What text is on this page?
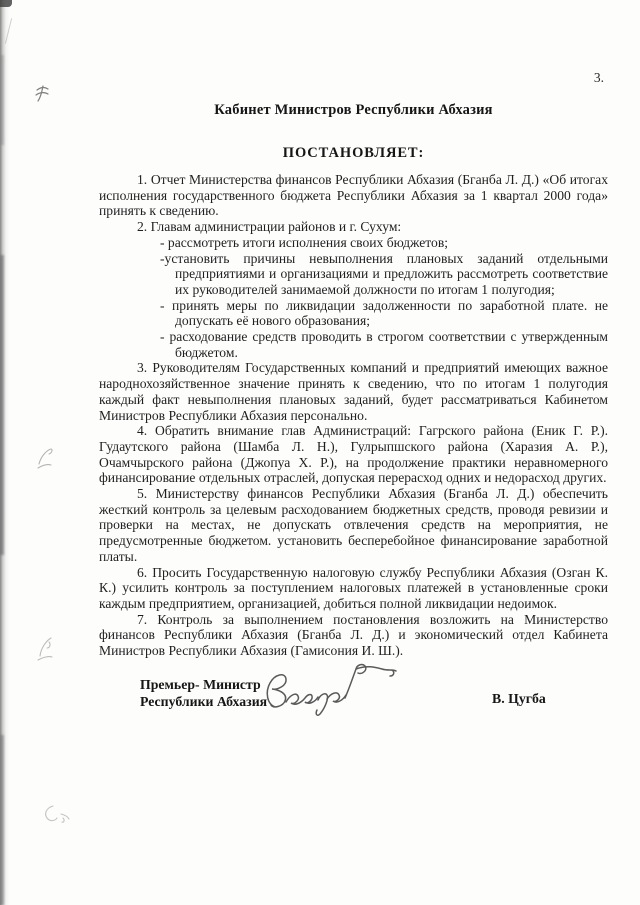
3.
Кабинет Министров Республики Абхазия
ПОСТАНОВЛЯЕТ:

1. Отчет Министерства финансов Республики Абхазия (Бганба Л. Д.) «Об итогах исполнения государственного бюджета Республики Абхазия за 1 квартал 2000 года» принять к сведению.

2. Главам администрации районов и г. Сухум:

- рассмотреть итоги исполнения своих бюджетов;

-установить причины невыполнения плановых заданий отдельными предприятиями и организациями и предложить рассмотреть соответствие их руководителей занимаемой должности по итогам 1 полугодия;

- принять меры по ликвидации задолженности по заработной плате. не допускать её нового образования;

- расходование средств проводить в строгом соответствии с утвержденным бюджетом.

3. Руководителям Государственных компаний и предприятий имеющих важное народнохозяйственное значение принять к сведению, что по итогам 1 полугодия каждый факт невыполнения плановых заданий, будет рассматриваться Кабинетом Министров Республики Абхазия персонально.

4. Обратить внимание глав Администраций: Гагрского района (Еник Г. Р.). Гудаутского района (Шамба Л. Н.), Гулрыпшского района (Харазия А. Р.), Очамчырского района (Джопуа Х. Р.), на продолжение практики неравномерного финансирование отдельных отраслей, допуская перерасход одних и недорасход других.

5. Министерству финансов Республики Абхазия (Бганба Л. Д.) обеспечить жесткий контроль за целевым расходованием бюджетных средств, проводя ревизии и проверки на местах, не допускать отвлечения средств на мероприятия, не предусмотренные бюджетом. установить бесперебойное финансирование заработной платы.

6. Просить Государственную налоговую службу Республики Абхазия (Озган К. К.) усилить контроль за поступлением налоговых платежей в установленные сроки каждым предприятием, организацией, добиться полной ликвидации недоимок.

7. Контроль за выполнением постановления возложить на Министерство финансов Республики Абхазия (Бганба Л. Д.) и экономический отдел Кабинета Министров Республики Абхазия (Гамисония И. Ш.).

Премьер- Министр
Республики Абхазия	В. Цугба
